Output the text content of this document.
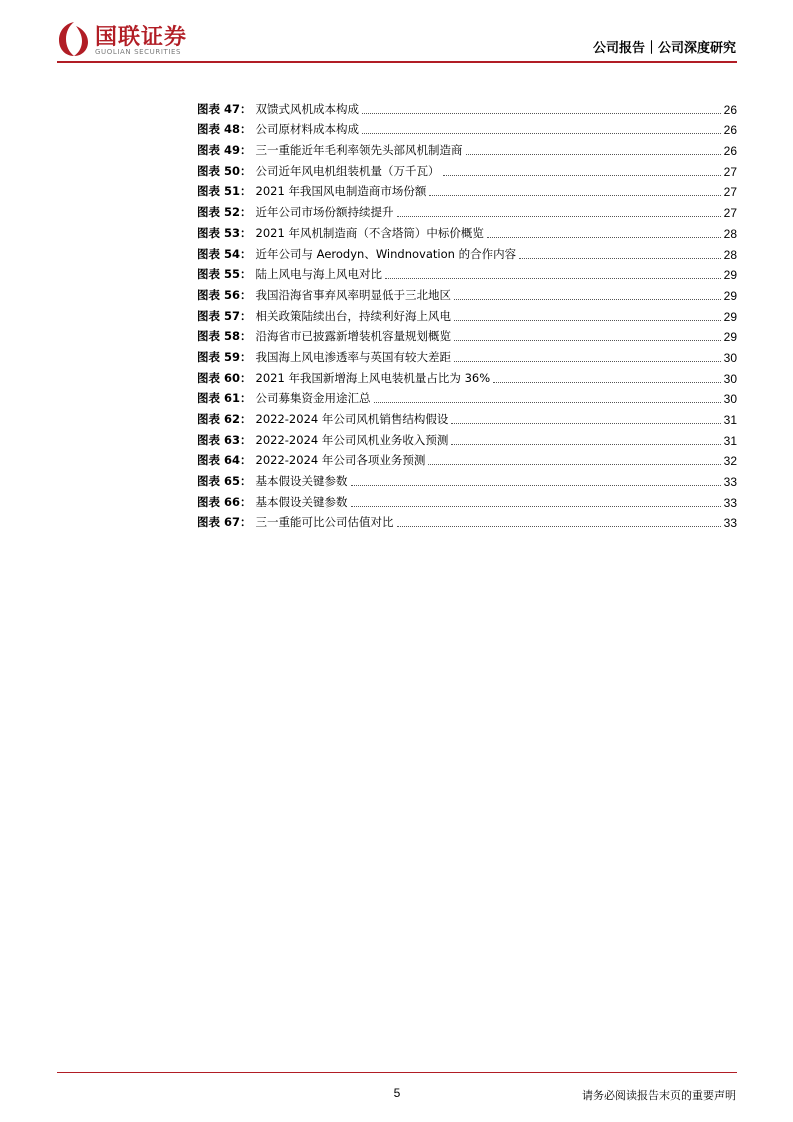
国联证券
GUOLIAN SECURITIES	公司报告｜公司深度研究
图表 47： 双馈式风机成本构成	26
图表 48： 公司原材料成本构成	26
图表 49： 三一重能近年毛利率领先头部风机制造商	26
图表 50： 公司近年风电机组装机量（万千瓦）	27
图表 51： 2021 年我国风电制造商市场份额	27
图表 52： 近年公司市场份额持续提升	27
图表 53： 2021 年风机制造商（不含塔筒）中标价概览	28
图表 54： 近年公司与 Aerodyn、Windnovation 的合作内容	28
图表 55： 陆上风电与海上风电对比	29
图表 56： 我国沿海省事弃风率明显低于三北地区	29
图表 57： 相关政策陆续出台，持续利好海上风电	29
图表 58： 沿海省市已披露新增装机容量规划概览	29
图表 59： 我国海上风电渗透率与英国有较大差距	30
图表 60： 2021 年我国新增海上风电装机量占比为 36%	30
图表 61： 公司募集资金用途汇总	30
图表 62： 2022-2024 年公司风机销售结构假设	31
图表 63： 2022-2024 年公司风机业务收入预测	31
图表 64： 2022-2024 年公司各项业务预测	32
图表 65： 基本假设关键参数	33
图表 66： 基本假设关键参数	33
图表 67： 三一重能可比公司估值对比	33
5	请务必阅读报告末页的重要声明
